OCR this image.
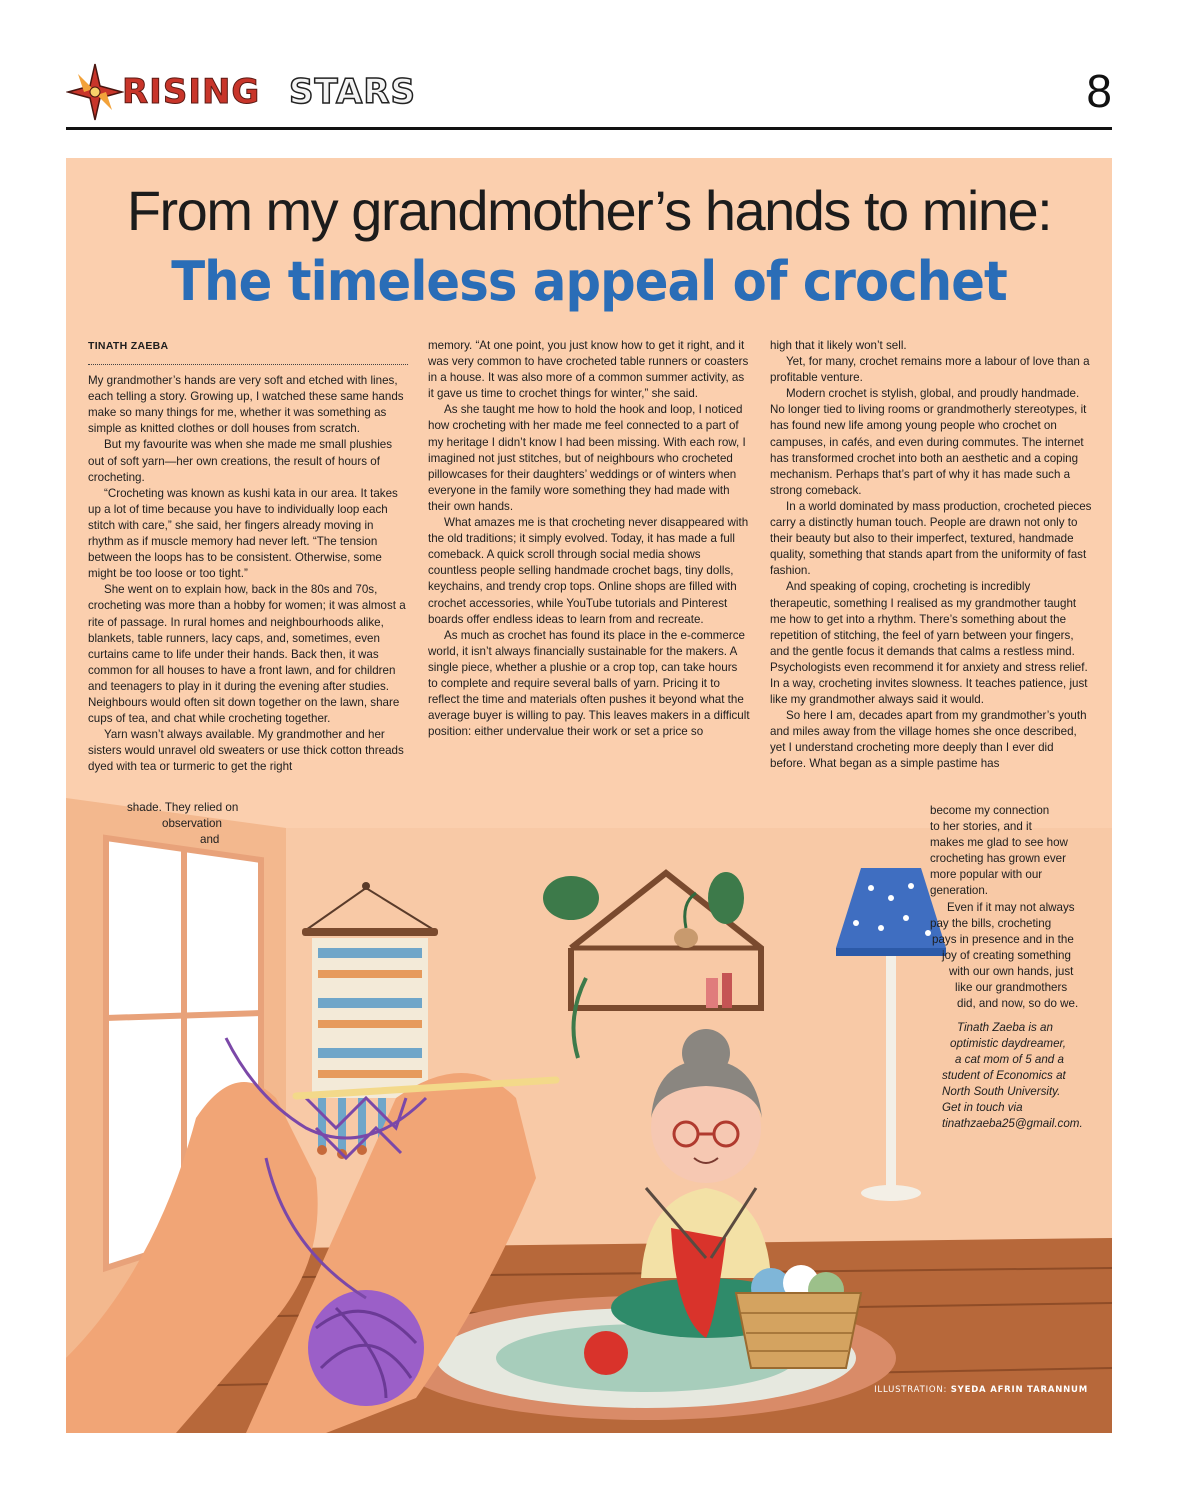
RISING STARS	8
From my grandmother’s hands to mine:
The timeless appeal of crochet
TINATH ZAEBA

My grandmother’s hands are very soft and etched with lines, each telling a story. Growing up, I watched these same hands make so many things for me, whether it was something as simple as knitted clothes or doll houses from scratch.

But my favourite was when she made me small plushies out of soft yarn—her own creations, the result of hours of crocheting.

“Crocheting was known as kushi kata in our area. It takes up a lot of time because you have to individually loop each stitch with care,” she said, her fingers already moving in rhythm as if muscle memory had never left. “The tension between the loops has to be consistent. Otherwise, some might be too loose or too tight.”

She went on to explain how, back in the 80s and 70s, crocheting was more than a hobby for women; it was almost a rite of passage. In rural homes and neighbourhoods alike, blankets, table runners, lacy caps, and, sometimes, even curtains came to life under their hands. Back then, it was common for all houses to have a front lawn, and for children and teenagers to play in it during the evening after studies. Neighbours would often sit down together on the lawn, share cups of tea, and chat while crocheting together.

Yarn wasn’t always available. My grandmother and her sisters would unravel old sweaters or use thick cotton threads dyed with tea or turmeric to get the right

shade. They relied on
observation
and

memory. “At one point, you just know how to get it right, and it was very common to have crocheted table runners or coasters in a house. It was also more of a common summer activity, as it gave us time to crochet things for winter,” she said.

As she taught me how to hold the hook and loop, I noticed how crocheting with her made me feel connected to a part of my heritage I didn’t know I had been missing. With each row, I imagined not just stitches, but of neighbours who crocheted pillowcases for their daughters’ weddings or of winters when everyone in the family wore something they had made with their own hands.

What amazes me is that crocheting never disappeared with the old traditions; it simply evolved. Today, it has made a full comeback. A quick scroll through social media shows countless people selling handmade crochet bags, tiny dolls, keychains, and trendy crop tops. Online shops are filled with crochet accessories, while YouTube tutorials and Pinterest boards offer endless ideas to learn from and recreate.

As much as crochet has found its place in the e-commerce world, it isn’t always financially sustainable for the makers. A single piece, whether a plushie or a crop top, can take hours to complete and require several balls of yarn. Pricing it to reflect the time and materials often pushes it beyond what the average buyer is willing to pay. This leaves makers in a difficult position: either undervalue their work or set a price so

high that it likely won’t sell.

Yet, for many, crochet remains more a labour of love than a profitable venture.

Modern crochet is stylish, global, and proudly handmade. No longer tied to living rooms or grandmotherly stereotypes, it has found new life among young people who crochet on campuses, in cafés, and even during commutes. The internet has transformed crochet into both an aesthetic and a coping mechanism. Perhaps that’s part of why it has made such a strong comeback.

In a world dominated by mass production, crocheted pieces carry a distinctly human touch. People are drawn not only to their beauty but also to their imperfect, textured, handmade quality, something that stands apart from the uniformity of fast fashion.

And speaking of coping, crocheting is incredibly therapeutic, something I realised as my grandmother taught me how to get into a rhythm. There’s something about the repetition of stitching, the feel of yarn between your fingers, and the gentle focus it demands that calms a restless mind. Psychologists even recommend it for anxiety and stress relief. In a way, crocheting invites slowness. It teaches patience, just like my grandmother always said it would.

So here I am, decades apart from my grandmother’s youth and miles away from the village homes she once described, yet I understand crocheting more deeply than I ever did before. What began as a simple pastime has

become my connection
to her stories, and it
makes me glad to see how
crocheting has grown ever
more popular with our
generation.
Even if it may not always
pay the bills, crocheting
pays in presence and in the
joy of creating something
with our own hands, just
like our grandmothers
did, and now, so do we.
Tinath Zaeba is an
optimistic daydreamer,
a cat mom of 5 and a
student of Economics at
North South University.
Get in touch via
tinathzaeba25@gmail.com.
ILLUSTRATION: SYEDA AFRIN TARANNUM
